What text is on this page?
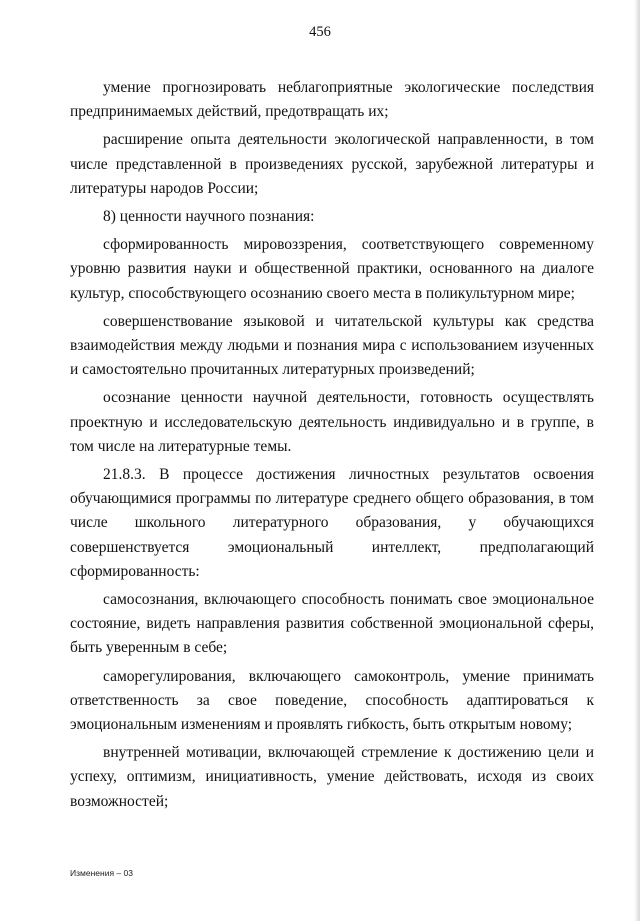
456

умение прогнозировать неблагоприятные экологические последствия предпринимаемых действий, предотвращать их;

расширение опыта деятельности экологической направленности, в том числе представленной в произведениях русской, зарубежной литературы и литературы народов России;

8) ценности научного познания:

сформированность мировоззрения, соответствующего современному уровню развития науки и общественной практики, основанного на диалоге культур, способствующего осознанию своего места в поликультурном мире;

совершенствование языковой и читательской культуры как средства взаимодействия между людьми и познания мира с использованием изученных и самостоятельно прочитанных литературных произведений;

осознание ценности научной деятельности, готовность осуществлять проектную и исследовательскую деятельность индивидуально и в группе, в том числе на литературные темы.

21.8.3. В процессе достижения личностных результатов освоения обучающимися программы по литературе среднего общего образования, в том числе школьного литературного образования, у обучающихся совершенствуется эмоциональный интеллект, предполагающий сформированность:

самосознания, включающего способность понимать свое эмоциональное состояние, видеть направления развития собственной эмоциональной сферы, быть уверенным в себе;

саморегулирования, включающего самоконтроль, умение принимать ответственность за свое поведение, способность адаптироваться к эмоциональным изменениям и проявлять гибкость, быть открытым новому;

внутренней мотивации, включающей стремление к достижению цели и успеху, оптимизм, инициативность, умение действовать, исходя из своих возможностей;

Изменения – 03
